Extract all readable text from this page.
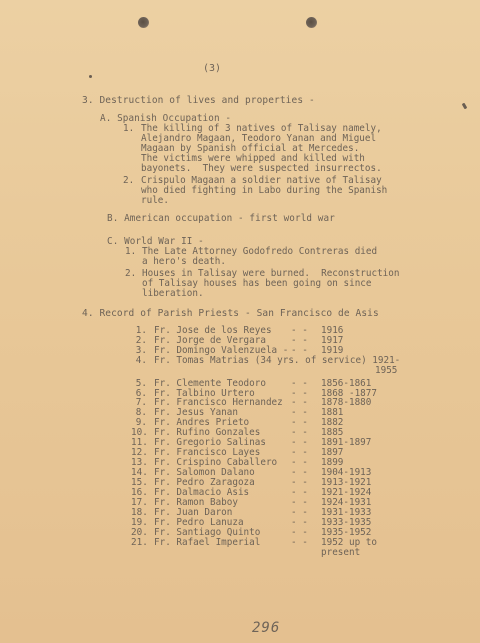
(3)
3. Destruction of lives and properties -
A. Spanish Occupation -
1. The killing of 3 natives of Talisay namely,
Alejandro Magaan, Teodoro Yanan and Miguel
Magaan by Spanish official at Mercedes.
The victims were whipped and killed with
bayonets.  They were suspected insurrectos.
2. Crispulo Magaan a soldier native of Talisay
who died fighting in Labo during the Spanish
rule.
B. American occupation - first world war
C. World War II -
1. The Late Attorney Godofredo Contreras died
a hero's death.
2. Houses in Talisay were burned.  Reconstruction
of Talisay houses has been going on since
liberation.
4. Record of Parish Priests - San Francisco de Asis
1. Fr. Jose de los Reyes - - 1916
2. Fr. Jorge de Vergara	- - 1917
3. Fr. Domingo Valenzuela - - - 1919
4. Fr. Tomas Matrias (34 yrs. of service) 1921-
1955
5. Fr. Clemente Teodoro	- - 1856-1861
6. Fr. Talbino Urtero	- - 1868 -1877
7. Fr. Francisco Hernandez - - 1878-1880
8. Fr. Jesus Yanan	- - 1881
9. Fr. Andres Prieto	- - 1882
10. Fr. Rufino Gonzales	- - 1885
11. Fr. Gregorio Salinas	- - 1891-1897
12. Fr. Francisco Layes	- - 1897
13. Fr. Crispino Caballero - - 1899
14. Fr. Salomon Dalano	- - 1904-1913
15. Fr. Pedro Zaragoza	- - 1913-1921
16. Fr. Dalmacio Asis	- - 1921-1924
17. Fr. Ramon Baboy	- - 1924-1931
18. Fr. Juan Daron	- - 1931-1933
19. Fr. Pedro Lanuza	- - 1933-1935
20. Fr. Santiago Quinto	- - 1935-1952
21. Fr. Rafael Imperial	- - 1952 up to
present
296
